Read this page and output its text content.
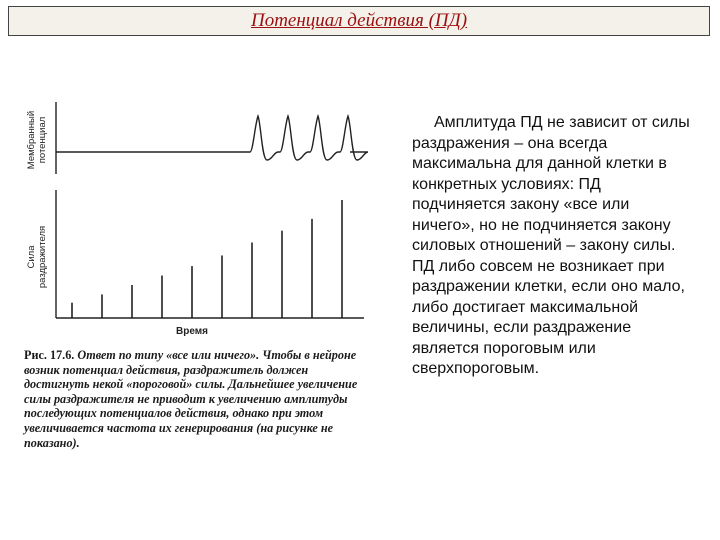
Потенциал действия (ПД)
Мембранный потенциал
Сила раздражителя
Время
Рис. 17.6. Ответ по типу «все или ничего». Чтобы в нейроне возник потенциал действия, раздражитель должен достигнуть некой «пороговой» силы. Дальнейшее увеличение силы раздражителя не приводит к увеличению амплитуды последующих потенциалов действия, однако при этом увеличивается частота их генерирования (на рисунке не показано).
Амплитуда ПД не зависит от силы раздражения – она всегда максимальна для данной клетки в конкретных условиях: ПД подчиняется закону «все или ничего», но не подчиняется закону силовых отношений – закону силы. ПД либо совсем не возникает при раздражении клетки, если оно мало, либо достигает максимальной величины, если раздражение является пороговым или сверхпороговым.
